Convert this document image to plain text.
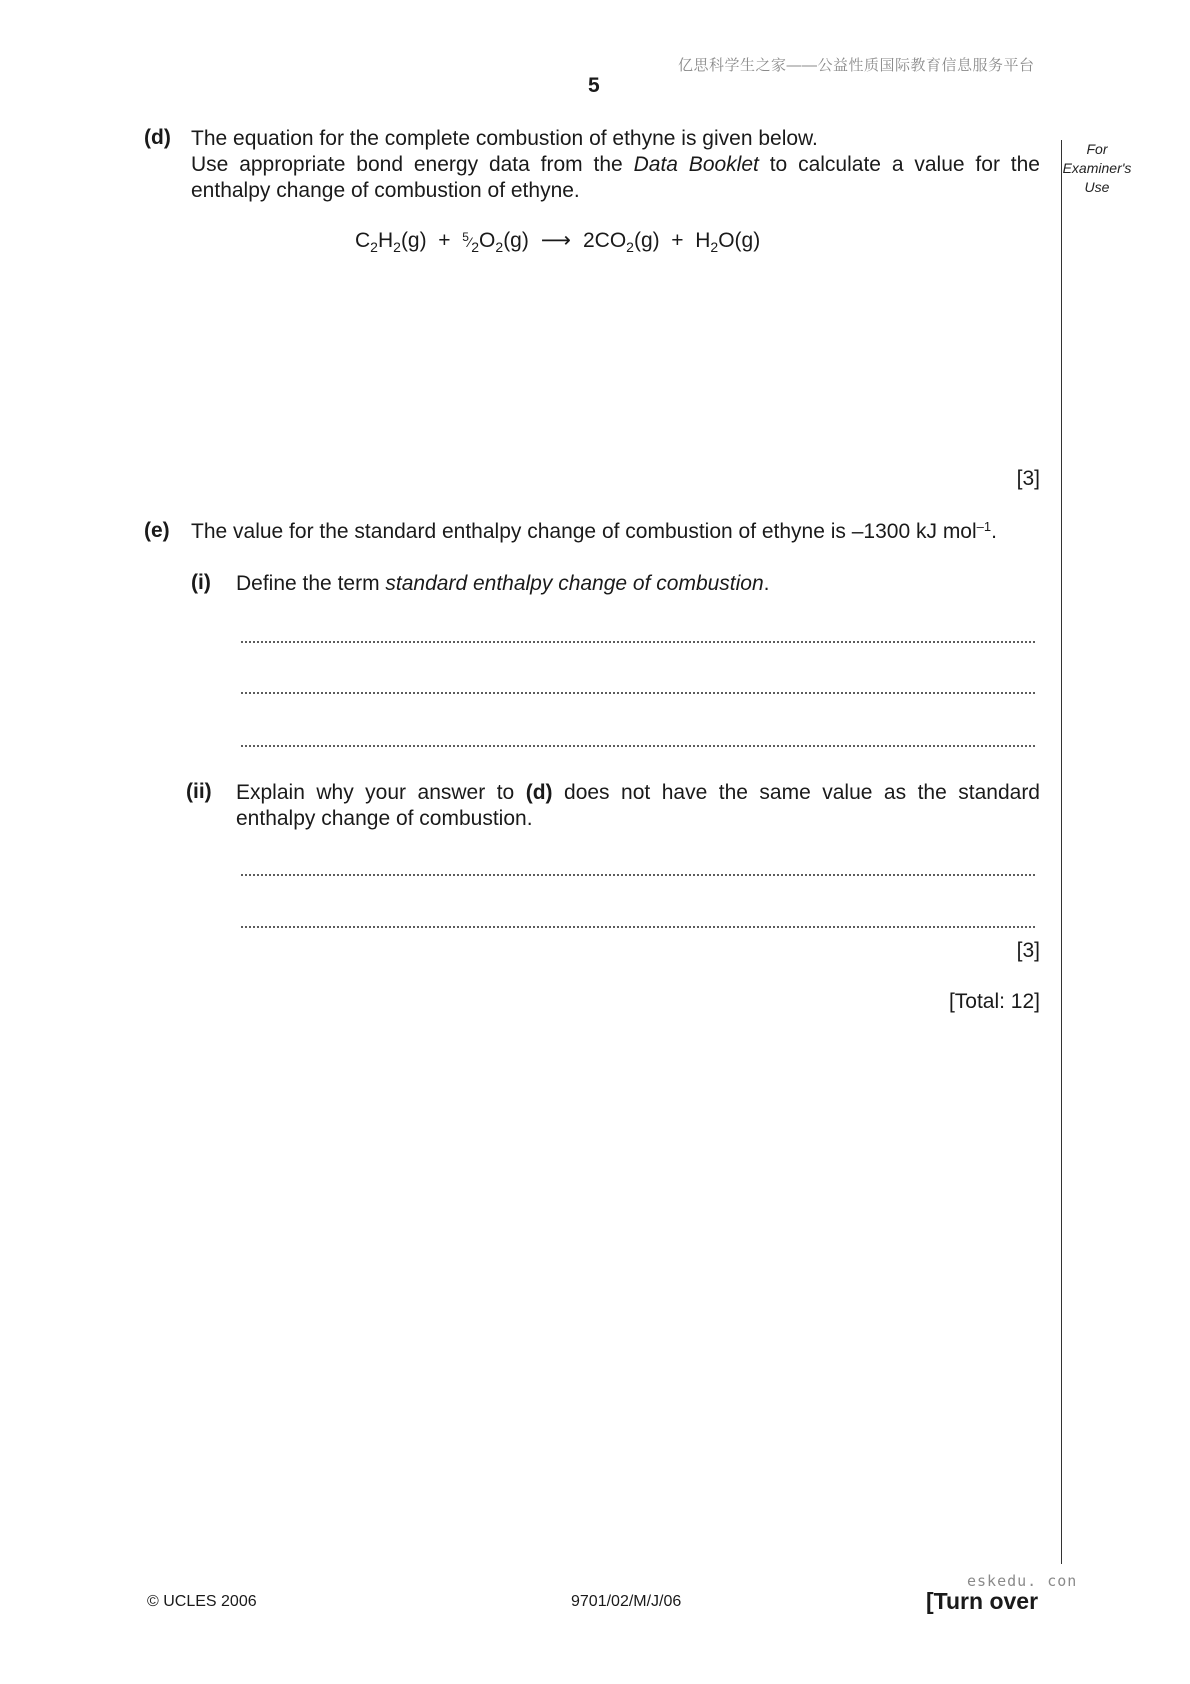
亿思科学生之家——公益性质国际教育信息服务平台
5
For
Examiner's
Use
(d) The equation for the complete combustion of ethyne is given below.
Use appropriate bond energy data from the Data Booklet to calculate a value for the enthalpy change of combustion of ethyne.
$C_2H_2(g)$  +  $^5⁄_2O_2(g)$ ⟶ $2CO_2(g) + H_2O(g)$
[3]
(e) The value for the standard enthalpy change of combustion of ethyne is –1300 kJ mol$^{-1}$.
(i) Define the term standard enthalpy change of combustion.
(ii) Explain why your answer to (d) does not have the same value as the standard enthalpy change of combustion.
[3]
[Total: 12]
eskedu. con
© UCLES 2006	9701/02/M/J/06	[Turn over
